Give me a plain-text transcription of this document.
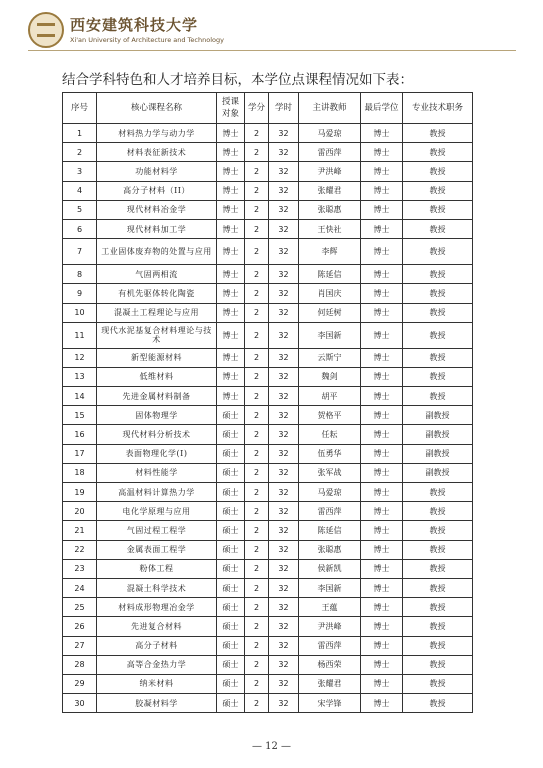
西安建筑科技大学
Xi'an University of Architecture and Technology
结合学科特色和人才培养目标，本学位点课程情况如下表：
序号	核心课程名称	授课对象	学分	学时	主讲教师	最后学位	专业技术职务
1	材料热力学与动力学	博士	2	32	马爱琼	博士	教授
2	材料表征新技术	博士	2	32	雷西萍	博士	教授
3	功能材料学	博士	2	32	尹洪峰	博士	教授
4	高分子材料（II）	博士	2	32	张耀君	博士	教授
5	现代材料冶金学	博士	2	32	张聪惠	博士	教授
6	现代材料加工学	博士	2	32	王快社	博士	教授
7	工业固体废弃物的处置与应用	博士	2	32	李辉	博士	教授
8	气固两相流	博士	2	32	陈延信	博士	教授
9	有机先驱体转化陶瓷	博士	2	32	肖国庆	博士	教授
10	混凝土工程理论与应用	博士	2	32	何廷树	博士	教授
11	现代水泥基复合材料理论与技术	博士	2	32	李国新	博士	教授
12	新型能源材料	博士	2	32	云斯宁	博士	教授
13	低维材料	博士	2	32	魏剑	博士	教授
14	先进金属材料制备	博士	2	32	胡平	博士	教授
15	固体物理学	硕士	2	32	贺格平	博士	副教授
16	现代材料分析技术	硕士	2	32	任耘	博士	副教授
17	表面物理化学(I)	硕士	2	32	伍勇华	博士	副教授
18	材料性能学	硕士	2	32	张军战	博士	副教授
19	高温材料计算热力学	硕士	2	32	马爱琼	博士	教授
20	电化学原理与应用	硕士	2	32	雷西萍	博士	教授
21	气固过程工程学	硕士	2	32	陈延信	博士	教授
22	金属表面工程学	硕士	2	32	张聪惠	博士	教授
23	粉体工程	硕士	2	32	侯新凯	博士	教授
24	混凝土科学技术	硕士	2	32	李国新	博士	教授
25	材料成形物理冶金学	硕士	2	32	王蕴	博士	教授
26	先进复合材料	硕士	2	32	尹洪峰	博士	教授
27	高分子材料	硕士	2	32	雷西萍	博士	教授
28	高等合金热力学	硕士	2	32	杨西荣	博士	教授
29	纳米材料	硕士	2	32	张耀君	博士	教授
30	胶凝材料学	硕士	2	32	宋学锋	博士	教授
— 12 —
